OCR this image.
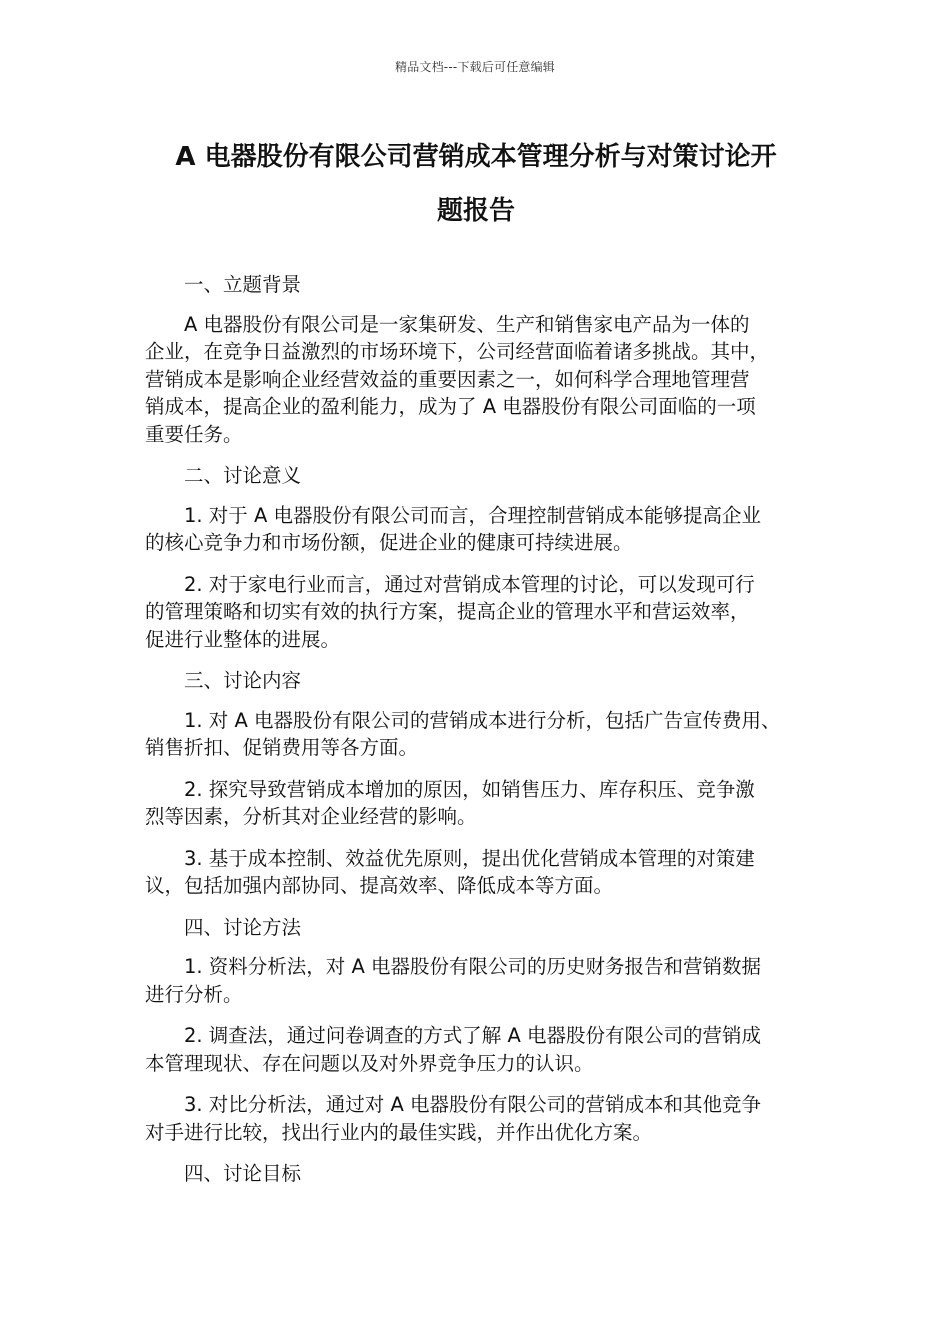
精品文档---下载后可任意编辑
A 电器股份有限公司营销成本管理分析与对策讨论开
题报告

一、立题背景

A 电器股份有限公司是一家集研发、生产和销售家电产品为一体的
企业，在竞争日益激烈的市场环境下，公司经营面临着诸多挑战。其中，
营销成本是影响企业经营效益的重要因素之一，如何科学合理地管理营
销成本，提高企业的盈利能力，成为了 A 电器股份有限公司面临的一项
重要任务。

二、讨论意义

1. 对于 A 电器股份有限公司而言，合理控制营销成本能够提高企业
的核心竞争力和市场份额，促进企业的健康可持续进展。

2. 对于家电行业而言，通过对营销成本管理的讨论，可以发现可行
的管理策略和切实有效的执行方案，提高企业的管理水平和营运效率，
促进行业整体的进展。

三、讨论内容

1. 对 A 电器股份有限公司的营销成本进行分析，包括广告宣传费用、
销售折扣、促销费用等各方面。

2. 探究导致营销成本增加的原因，如销售压力、库存积压、竞争激
烈等因素，分析其对企业经营的影响。

3. 基于成本控制、效益优先原则，提出优化营销成本管理的对策建
议，包括加强内部协同、提高效率、降低成本等方面。

四、讨论方法

1. 资料分析法，对 A 电器股份有限公司的历史财务报告和营销数据
进行分析。

2. 调查法，通过问卷调查的方式了解 A 电器股份有限公司的营销成
本管理现状、存在问题以及对外界竞争压力的认识。

3. 对比分析法，通过对 A 电器股份有限公司的营销成本和其他竞争
对手进行比较，找出行业内的最佳实践，并作出优化方案。

四、讨论目标
